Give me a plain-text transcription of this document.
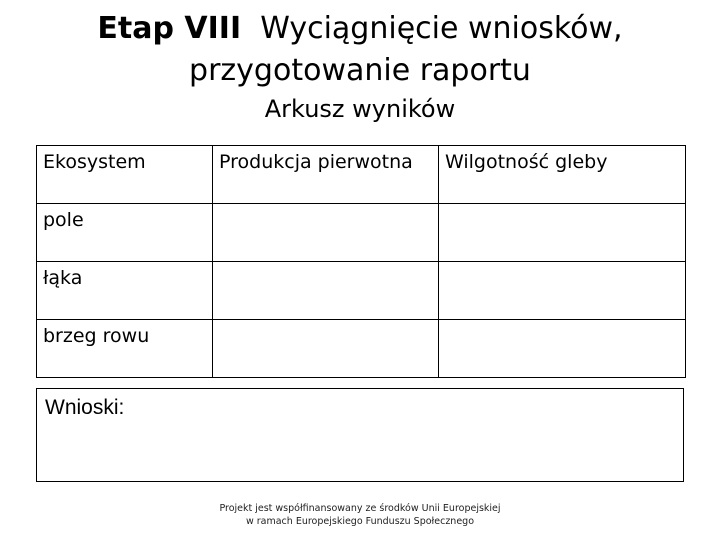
Etap VIII Wyciągnięcie wniosków,
przygotowanie raportu
Arkusz wyników
Ekosystem	Produkcja pierwotna	Wilgotność gleby
pole		
łąka		
brzeg rowu		
Wnioski:
Projekt jest współfinansowany ze środków Unii Europejskiej
w ramach Europejskiego Funduszu Społecznego
